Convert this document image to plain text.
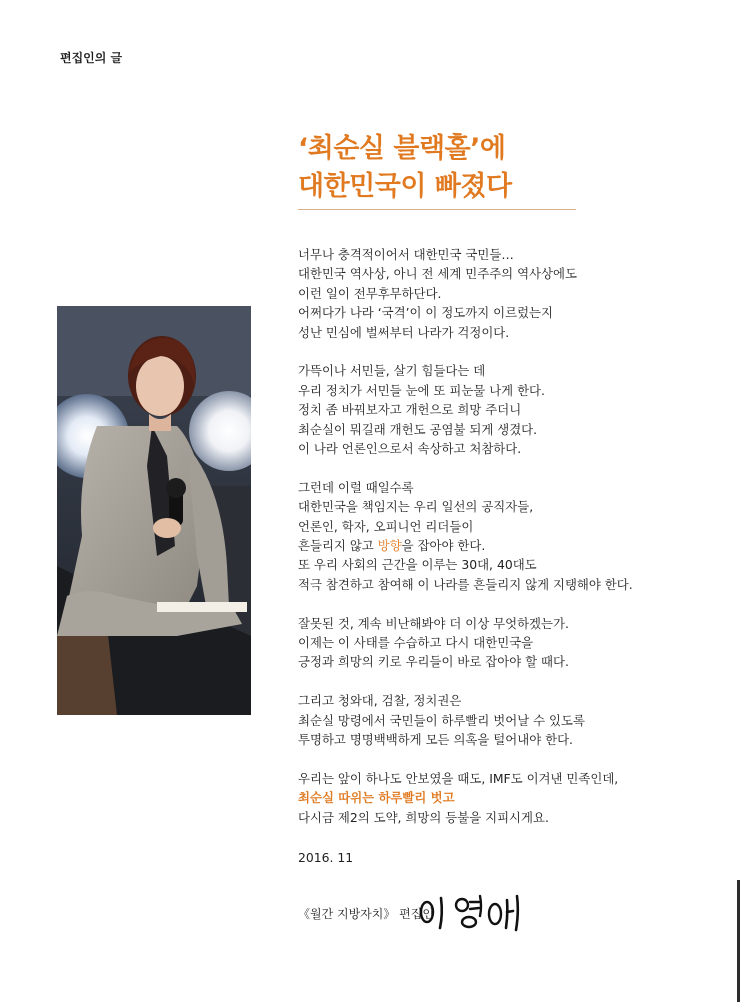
편집인의 글
‘최순실 블랙홀’에
대한민국이 빠졌다
너무나 충격적이어서 대한민국 국민들…
대한민국 역사상, 아니 전 세계 민주주의 역사상에도
이런 일이 전무후무하단다.
어쩌다가 나라 ‘국격’이 이 정도까지 이르렀는지
성난 민심에 벌써부터 나라가 걱정이다.
가뜩이나 서민들, 살기 힘들다는 데
우리 정치가 서민들 눈에 또 피눈물 나게 한다.
정치 좀 바꿔보자고 개헌으로 희망 주더니
최순실이 뭐길래 개헌도 공염불 되게 생겼다.
이 나라 언론인으로서 속상하고 처참하다.
그런데 이럴 때일수록
대한민국을 책임지는 우리 일선의 공직자들,
언론인, 학자, 오피니언 리더들이
흔들리지 않고 방향을 잡아야 한다.
또 우리 사회의 근간을 이루는 30대, 40대도
적극 참견하고 참여해 이 나라를 흔들리지 않게 지탱해야 한다.
잘못된 것, 계속 비난해봐야 더 이상 무엇하겠는가.
이제는 이 사태를 수습하고 다시 대한민국을
긍정과 희망의 키로 우리들이 바로 잡아야 할 때다.
그리고 청와대, 검찰, 정치권은
최순실 망령에서 국민들이 하루빨리 벗어날 수 있도록
투명하고 명명백백하게 모든 의혹을 털어내야 한다.
우리는 앞이 하나도 안보였을 때도, IMF도 이겨낸 민족인데,
최순실 따위는 하루빨리 벗고
다시금 제2의 도약, 희망의 등불을 지피시게요.
2016. 11
《월간 지방자치》 편집인
